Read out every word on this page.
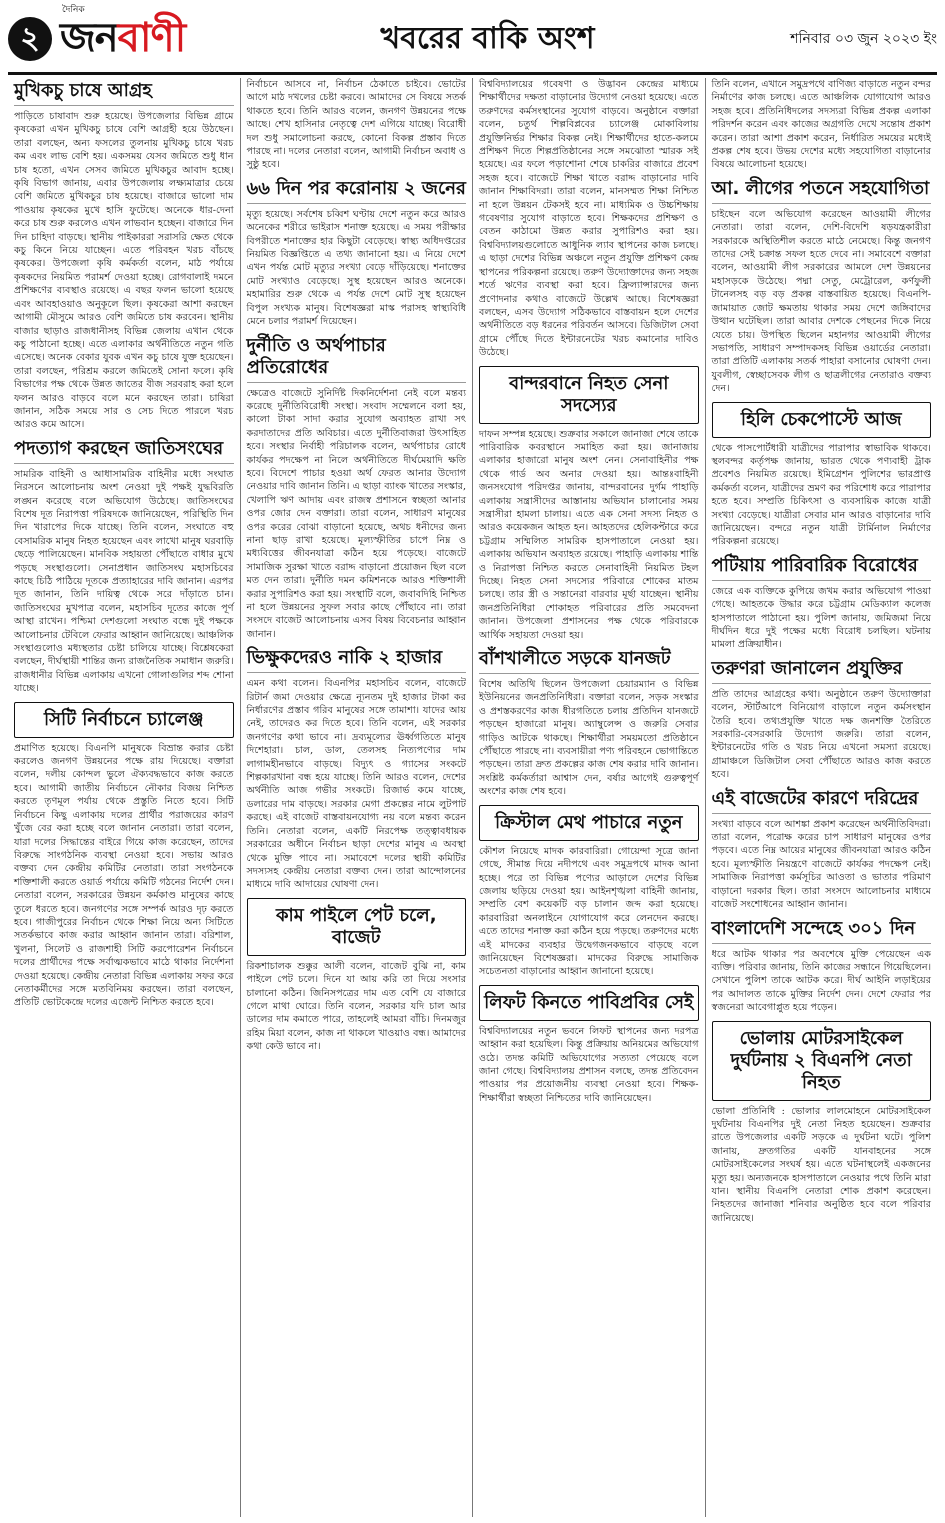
২
দৈনিক
জনবাণী	খবরের বাকি অংশ	শনিবার ০৩ জুন ২০২৩ ইং
মুখিকচু চাষে আগ্রহ

পাড়িতে চাষাবাদ শুরু হয়েছে। উপজেলার বিভিন্ন গ্রামে কৃষকেরা এখন মুখিকচু চাষে বেশি আগ্রহী হয়ে উঠছেন। তারা বলছেন, অন্য ফসলের তুলনায় মুখিকচু চাষে খরচ কম এবং লাভ বেশি হয়। একসময় যেসব জমিতে শুধু ধান চাষ হতো, এখন সেসব জমিতে মুখিকচুর আবাদ হচ্ছে। কৃষি বিভাগ জানায়, এবার উপজেলায় লক্ষ্যমাত্রার চেয়ে বেশি জমিতে মুখিকচুর চাষ হয়েছে। বাজারে ভালো দাম পাওয়ায় কৃষকের মুখে হাসি ফুটেছে। অনেকে ধার-দেনা করে চাষ শুরু করলেও এখন লাভবান হচ্ছেন। বাজারে দিন দিন চাহিদা বাড়ছে। স্থানীয় পাইকাররা সরাসরি ক্ষেত থেকে কচু কিনে নিয়ে যাচ্ছেন। এতে পরিবহন খরচ বাঁচছে কৃষকের। উপজেলা কৃষি কর্মকর্তা বলেন, মাঠ পর্যায়ে কৃষকদের নিয়মিত পরামর্শ দেওয়া হচ্ছে। রোগবালাই দমনে প্রশিক্ষণের ব্যবস্থাও রয়েছে। এ বছর ফলন ভালো হয়েছে এবং আবহাওয়াও অনুকূলে ছিল। কৃষকেরা আশা করছেন আগামী মৌসুমে আরও বেশি জমিতে চাষ করবেন। স্থানীয় বাজার ছাড়াও রাজধানীসহ বিভিন্ন জেলায় এখান থেকে কচু পাঠানো হচ্ছে। এতে এলাকার অর্থনীতিতে নতুন গতি এসেছে। অনেক বেকার যুবক এখন কচু চাষে যুক্ত হয়েছেন। তারা বলছেন, পরিশ্রম করলে জমিতেই সোনা ফলে। কৃষি বিভাগের পক্ষ থেকে উন্নত জাতের বীজ সরবরাহ করা হলে ফলন আরও বাড়বে বলে মনে করছেন তারা। চাষিরা জানান, সঠিক সময়ে সার ও সেচ দিতে পারলে খরচ আরও কমে আসে।

পদত্যাগ করছেন জাতিসংঘের

সামরিক বাহিনী ও আধাসামরিক বাহিনীর মধ্যে সংঘাত নিরসনে আলোচনায় অংশ নেওয়া দুই পক্ষই যুদ্ধবিরতি লঙ্ঘন করেছে বলে অভিযোগ উঠেছে। জাতিসংঘের বিশেষ দূত নিরাপত্তা পরিষদকে জানিয়েছেন, পরিস্থিতি দিন দিন খারাপের দিকে যাচ্ছে। তিনি বলেন, সংঘাতে বহু বেসামরিক মানুষ নিহত হয়েছেন এবং লাখো মানুষ ঘরবাড়ি ছেড়ে পালিয়েছেন। মানবিক সহায়তা পৌঁছাতে বাধার মুখে পড়ছে সংস্থাগুলো। সেনাপ্রধান জাতিসংঘ মহাসচিবের কাছে চিঠি পাঠিয়ে দূতকে প্রত্যাহারের দাবি জানান। এরপর দূত জানান, তিনি দায়িত্ব থেকে সরে দাঁড়াতে চান। জাতিসংঘের মুখপাত্র বলেন, মহাসচিব দূতের কাজে পূর্ণ আস্থা রাখেন। পশ্চিমা দেশগুলো সংঘাত বন্ধে দুই পক্ষকে আলোচনার টেবিলে ফেরার আহ্বান জানিয়েছে। আঞ্চলিক সংস্থাগুলোও মধ্যস্থতার চেষ্টা চালিয়ে যাচ্ছে। বিশ্লেষকেরা বলছেন, দীর্ঘস্থায়ী শান্তির জন্য রাজনৈতিক সমাধান জরুরি। রাজধানীর বিভিন্ন এলাকায় এখনো গোলাগুলির শব্দ শোনা যাচ্ছে।

সিটি নির্বাচনে চ্যালেঞ্জ

প্রমাণিত হয়েছে। বিএনপি মানুষকে বিভ্রান্ত করার চেষ্টা করলেও জনগণ উন্নয়নের পক্ষে রায় দিয়েছে। বক্তারা বলেন, দলীয় কোন্দল ভুলে ঐক্যবদ্ধভাবে কাজ করতে হবে। আগামী জাতীয় নির্বাচনে নৌকার বিজয় নিশ্চিত করতে তৃণমূল পর্যায় থেকে প্রস্তুতি নিতে হবে। সিটি নির্বাচনে কিছু এলাকায় দলের প্রার্থীর পরাজয়ের কারণ খুঁজে বের করা হচ্ছে বলে জানান নেতারা। তারা বলেন, যারা দলের সিদ্ধান্তের বাইরে গিয়ে কাজ করেছেন, তাদের বিরুদ্ধে সাংগঠনিক ব্যবস্থা নেওয়া হবে। সভায় আরও বক্তব্য দেন কেন্দ্রীয় কমিটির নেতারা। তারা সংগঠনকে শক্তিশালী করতে ওয়ার্ড পর্যায়ে কমিটি গঠনের নির্দেশ দেন। নেতারা বলেন, সরকারের উন্নয়ন কর্মকাণ্ড মানুষের কাছে তুলে ধরতে হবে। জনগণের সঙ্গে সম্পর্ক আরও দৃঢ় করতে হবে। গাজীপুরের নির্বাচন থেকে শিক্ষা নিয়ে অন্য সিটিতে সতর্কভাবে কাজ করার আহ্বান জানান তারা। বরিশাল, খুলনা, সিলেট ও রাজশাহী সিটি করপোরেশন নির্বাচনে দলের প্রার্থীদের পক্ষে সর্বাত্মকভাবে মাঠে থাকার নির্দেশনা দেওয়া হয়েছে। কেন্দ্রীয় নেতারা বিভিন্ন এলাকায় সফর করে নেতাকর্মীদের সঙ্গে মতবিনিময় করছেন। তারা বলছেন, প্রতিটি ভোটকেন্দ্রে দলের এজেন্ট নিশ্চিত করতে হবে।

নির্বাচনে আসবে না, নির্বাচন ঠেকাতে চাইবে। ভোটের আগে মাঠ দখলের চেষ্টা করবে। আমাদের সে বিষয়ে সতর্ক থাকতে হবে। তিনি আরও বলেন, জনগণ উন্নয়নের পক্ষে আছে। শেখ হাসিনার নেতৃত্বে দেশ এগিয়ে যাচ্ছে। বিরোধী দল শুধু সমালোচনা করছে, কোনো বিকল্প প্রস্তাব দিতে পারছে না। দলের নেতারা বলেন, আগামী নির্বাচন অবাধ ও সুষ্ঠু হবে।

৬৬ দিন পর করোনায় ২ জনের

মৃত্যু হয়েছে। সর্বশেষ চব্বিশ ঘণ্টায় দেশে নতুন করে আরও অনেকের শরীরে ভাইরাস শনাক্ত হয়েছে। এ সময় পরীক্ষার বিপরীতে শনাক্তের হার কিছুটা বেড়েছে। স্বাস্থ্য অধিদপ্তরের নিয়মিত বিজ্ঞপ্তিতে এ তথ্য জানানো হয়। এ নিয়ে দেশে এখন পর্যন্ত মোট মৃত্যুর সংখ্যা বেড়ে দাঁড়িয়েছে। শনাক্তের মোট সংখ্যাও বেড়েছে। সুস্থ হয়েছেন আরও অনেকে। মহামারির শুরু থেকে এ পর্যন্ত দেশে মোট সুস্থ হয়েছেন বিপুল সংখ্যক মানুষ। বিশেষজ্ঞরা মাস্ক পরাসহ স্বাস্থ্যবিধি মেনে চলার পরামর্শ দিয়েছেন।

দুর্নীতি ও অর্থপাচার প্রতিরোধের

ক্ষেত্রেও বাজেটে সুনির্দিষ্ট দিকনির্দেশনা নেই বলে মন্তব্য করেছে দুর্নীতিবিরোধী সংস্থা। সংবাদ সম্মেলনে বলা হয়, কালো টাকা সাদা করার সুযোগ অব্যাহত রাখা সৎ করদাতাদের প্রতি অবিচার। এতে দুর্নীতিবাজরা উৎসাহিত হবে। সংস্থার নির্বাহী পরিচালক বলেন, অর্থপাচার রোধে কার্যকর পদক্ষেপ না নিলে অর্থনীতিতে দীর্ঘমেয়াদি ক্ষতি হবে। বিদেশে পাচার হওয়া অর্থ ফেরত আনার উদ্যোগ নেওয়ার দাবি জানান তিনি। এ ছাড়া ব্যাংক খাতের সংস্কার, খেলাপি ঋণ আদায় এবং রাজস্ব প্রশাসনে স্বচ্ছতা আনার ওপর জোর দেন বক্তারা। তারা বলেন, সাধারণ মানুষের ওপর করের বোঝা বাড়ানো হয়েছে, অথচ ধনীদের জন্য নানা ছাড় রাখা হয়েছে। মূল্যস্ফীতির চাপে নিম্ন ও মধ্যবিত্তের জীবনযাত্রা কঠিন হয়ে পড়েছে। বাজেটে সামাজিক সুরক্ষা খাতে বরাদ্দ বাড়ানো প্রয়োজন ছিল বলে মত দেন তারা। দুর্নীতি দমন কমিশনকে আরও শক্তিশালী করার সুপারিশও করা হয়। সংস্থাটি বলে, জবাবদিহি নিশ্চিত না হলে উন্নয়নের সুফল সবার কাছে পৌঁছাবে না। তারা সংসদে বাজেট আলোচনায় এসব বিষয় বিবেচনার আহ্বান জানান।

ভিক্ষুকদেরও নাকি ২ হাজার

এমন কথা বলেন। বিএনপির মহাসচিব বলেন, বাজেটে রিটার্ন জমা দেওয়ার ক্ষেত্রে ন্যূনতম দুই হাজার টাকা কর নির্ধারণের প্রস্তাব গরিব মানুষের সঙ্গে তামাশা। যাদের আয় নেই, তাদেরও কর দিতে হবে। তিনি বলেন, এই সরকার জনগণের কথা ভাবে না। দ্রব্যমূল্যের ঊর্ধ্বগতিতে মানুষ দিশেহারা। চাল, ডাল, তেলসহ নিত্যপণ্যের দাম লাগামহীনভাবে বাড়ছে। বিদ্যুৎ ও গ্যাসের সংকটে শিল্পকারখানা বন্ধ হয়ে যাচ্ছে। তিনি আরও বলেন, দেশের অর্থনীতি আজ গভীর সংকটে। রিজার্ভ কমে যাচ্ছে, ডলারের দাম বাড়ছে। সরকার মেগা প্রকল্পের নামে লুটপাট করছে। এই বাজেট বাস্তবায়নযোগ্য নয় বলে মন্তব্য করেন তিনি। নেতারা বলেন, একটি নিরপেক্ষ তত্ত্বাবধায়ক সরকারের অধীনে নির্বাচন ছাড়া দেশের মানুষ এ অবস্থা থেকে মুক্তি পাবে না। সমাবেশে দলের স্থায়ী কমিটির সদস্যসহ কেন্দ্রীয় নেতারা বক্তব্য দেন। তারা আন্দোলনের মাধ্যমে দাবি আদায়ের ঘোষণা দেন।

কাম পাইলে পেট চলে, বাজেট

রিকশাচালক শুক্কুর আলী বলেন, বাজেট বুঝি না, কাম পাইলে পেট চলে। দিনে যা আয় করি তা দিয়ে সংসার চালানো কঠিন। জিনিসপত্রের দাম এত বেশি যে বাজারে গেলে মাথা ঘোরে। তিনি বলেন, সরকার যদি চাল আর ডালের দাম কমাতে পারে, তাহলেই আমরা বাঁচি। দিনমজুর রহিম মিয়া বলেন, কাজ না থাকলে খাওয়াও বন্ধ। আমাদের কথা কেউ ভাবে না।

বিশ্ববিদ্যালয়ের গবেষণা ও উদ্ভাবন কেন্দ্রের মাধ্যমে শিক্ষার্থীদের দক্ষতা বাড়ানোর উদ্যোগ নেওয়া হয়েছে। এতে তরুণদের কর্মসংস্থানের সুযোগ বাড়বে। অনুষ্ঠানে বক্তারা বলেন, চতুর্থ শিল্পবিপ্লবের চ্যালেঞ্জ মোকাবিলায় প্রযুক্তিনির্ভর শিক্ষার বিকল্প নেই। শিক্ষার্থীদের হাতে-কলমে প্রশিক্ষণ দিতে শিল্পপ্রতিষ্ঠানের সঙ্গে সমঝোতা স্মারক সই হয়েছে। এর ফলে পড়াশোনা শেষে চাকরির বাজারে প্রবেশ সহজ হবে। বাজেটে শিক্ষা খাতে বরাদ্দ বাড়ানোর দাবি জানান শিক্ষাবিদরা। তারা বলেন, মানসম্মত শিক্ষা নিশ্চিত না হলে উন্নয়ন টেকসই হবে না। মাধ্যমিক ও উচ্চশিক্ষায় গবেষণার সুযোগ বাড়াতে হবে। শিক্ষকদের প্রশিক্ষণ ও বেতন কাঠামো উন্নত করার সুপারিশও করা হয়। বিশ্ববিদ্যালয়গুলোতে আধুনিক ল্যাব স্থাপনের কাজ চলছে। এ ছাড়া দেশের বিভিন্ন অঞ্চলে নতুন প্রযুক্তি প্রশিক্ষণ কেন্দ্র স্থাপনের পরিকল্পনা রয়েছে। তরুণ উদ্যোক্তাদের জন্য সহজ শর্তে ঋণের ব্যবস্থা করা হবে। ফ্রিল্যান্সারদের জন্য প্রণোদনার কথাও বাজেটে উল্লেখ আছে। বিশেষজ্ঞরা বলছেন, এসব উদ্যোগ সঠিকভাবে বাস্তবায়ন হলে দেশের অর্থনীতিতে বড় ধরনের পরিবর্তন আসবে। ডিজিটাল সেবা গ্রামে পৌঁছে দিতে ইন্টারনেটের খরচ কমানোর দাবিও উঠেছে।

বান্দরবানে নিহত সেনা সদস্যের

দাফন সম্পন্ন হয়েছে। শুক্রবার সকালে জানাজা শেষে তাকে পারিবারিক কবরস্থানে সমাহিত করা হয়। জানাজায় এলাকার হাজারো মানুষ অংশ নেন। সেনাবাহিনীর পক্ষ থেকে গার্ড অব অনার দেওয়া হয়। আন্তঃবাহিনী জনসংযোগ পরিদপ্তর জানায়, বান্দরবানের দুর্গম পাহাড়ি এলাকায় সন্ত্রাসীদের আস্তানায় অভিযান চালানোর সময় সন্ত্রাসীরা হামলা চালায়। এতে এক সেনা সদস্য নিহত ও আরও কয়েকজন আহত হন। আহতদের হেলিকপ্টারে করে চট্টগ্রাম সম্মিলিত সামরিক হাসপাতালে নেওয়া হয়। এলাকায় অভিযান অব্যাহত রয়েছে। পাহাড়ি এলাকায় শান্তি ও নিরাপত্তা নিশ্চিত করতে সেনাবাহিনী নিয়মিত টহল দিচ্ছে। নিহত সেনা সদস্যের পরিবারে শোকের মাতম চলছে। তার স্ত্রী ও সন্তানেরা বারবার মূর্ছা যাচ্ছেন। স্থানীয় জনপ্রতিনিধিরা শোকাহত পরিবারের প্রতি সমবেদনা জানান। উপজেলা প্রশাসনের পক্ষ থেকে পরিবারকে আর্থিক সহায়তা দেওয়া হয়।

বাঁশখালীতে সড়কে যানজট

বিশেষ অতিথি ছিলেন উপজেলা চেয়ারম্যান ও বিভিন্ন ইউনিয়নের জনপ্রতিনিধিরা। বক্তারা বলেন, সড়ক সংস্কার ও প্রশস্তকরণের কাজ ধীরগতিতে চলায় প্রতিদিন যানজটে পড়ছেন হাজারো মানুষ। অ্যাম্বুলেন্স ও জরুরি সেবার গাড়িও আটকে থাকছে। শিক্ষার্থীরা সময়মতো প্রতিষ্ঠানে পৌঁছাতে পারছে না। ব্যবসায়ীরা পণ্য পরিবহনে ভোগান্তিতে পড়ছেন। তারা দ্রুত প্রকল্পের কাজ শেষ করার দাবি জানান। সংশ্লিষ্ট কর্মকর্তারা আশ্বাস দেন, বর্ষার আগেই গুরুত্বপূর্ণ অংশের কাজ শেষ হবে।

ক্রিস্টাল মেথ পাচারে নতুন

কৌশল নিয়েছে মাদক কারবারিরা। গোয়েন্দা সূত্রে জানা গেছে, সীমান্ত দিয়ে নদীপথে এবং সমুদ্রপথে মাদক আনা হচ্ছে। পরে তা বিভিন্ন পণ্যের আড়ালে দেশের বিভিন্ন জেলায় ছড়িয়ে দেওয়া হয়। আইনশৃঙ্খলা বাহিনী জানায়, সম্প্রতি বেশ কয়েকটি বড় চালান জব্দ করা হয়েছে। কারবারিরা অনলাইনে যোগাযোগ করে লেনদেন করছে। এতে তাদের শনাক্ত করা কঠিন হয়ে পড়ছে। তরুণদের মধ্যে এই মাদকের ব্যবহার উদ্বেগজনকভাবে বাড়ছে বলে জানিয়েছেন বিশেষজ্ঞরা। মাদকের বিরুদ্ধে সামাজিক সচেতনতা বাড়ানোর আহ্বান জানানো হয়েছে।

লিফট কিনতে পাবিপ্রবির সেই

বিশ্ববিদ্যালয়ের নতুন ভবনে লিফট স্থাপনের জন্য দরপত্র আহ্বান করা হয়েছিল। কিন্তু প্রক্রিয়ায় অনিয়মের অভিযোগ ওঠে। তদন্ত কমিটি অভিযোগের সত্যতা পেয়েছে বলে জানা গেছে। বিশ্ববিদ্যালয় প্রশাসন বলছে, তদন্ত প্রতিবেদন পাওয়ার পর প্রয়োজনীয় ব্যবস্থা নেওয়া হবে। শিক্ষক-শিক্ষার্থীরা স্বচ্ছতা নিশ্চিতের দাবি জানিয়েছেন।

তিনি বলেন, এখানে সমুদ্রপথে বাণিজ্য বাড়াতে নতুন বন্দর নির্মাণের কাজ চলছে। এতে আঞ্চলিক যোগাযোগ আরও সহজ হবে। প্রতিনিধিদলের সদস্যরা বিভিন্ন প্রকল্প এলাকা পরিদর্শন করেন এবং কাজের অগ্রগতি দেখে সন্তোষ প্রকাশ করেন। তারা আশা প্রকাশ করেন, নির্ধারিত সময়ের মধ্যেই প্রকল্প শেষ হবে। উভয় দেশের মধ্যে সহযোগিতা বাড়ানোর বিষয়ে আলোচনা হয়েছে।

আ. লীগের পতনে সহযোগিতা

চাইছেন বলে অভিযোগ করেছেন আওয়ামী লীগের নেতারা। তারা বলেন, দেশি-বিদেশি ষড়যন্ত্রকারীরা সরকারকে অস্থিতিশীল করতে মাঠে নেমেছে। কিন্তু জনগণ তাদের সেই চক্রান্ত সফল হতে দেবে না। সমাবেশে বক্তারা বলেন, আওয়ামী লীগ সরকারের আমলে দেশ উন্নয়নের মহাসড়কে উঠেছে। পদ্মা সেতু, মেট্রোরেল, কর্ণফুলী টানেলসহ বড় বড় প্রকল্প বাস্তবায়িত হয়েছে। বিএনপি-জামায়াত জোট ক্ষমতায় থাকার সময় দেশে জঙ্গিবাদের উত্থান ঘটেছিল। তারা আবার দেশকে পেছনের দিকে নিয়ে যেতে চায়। উপস্থিত ছিলেন মহানগর আওয়ামী লীগের সভাপতি, সাধারণ সম্পাদকসহ বিভিন্ন ওয়ার্ডের নেতারা। তারা প্রতিটি এলাকায় সতর্ক পাহারা বসানোর ঘোষণা দেন। যুবলীগ, স্বেচ্ছাসেবক লীগ ও ছাত্রলীগের নেতারাও বক্তব্য দেন।

হিলি চেকপোস্টে আজ

থেকে পাসপোর্টধারী যাত্রীদের পারাপার স্বাভাবিক থাকবে। স্থলবন্দর কর্তৃপক্ষ জানায়, ভারত থেকে পণ্যবাহী ট্রাক প্রবেশও নিয়মিত রয়েছে। ইমিগ্রেশন পুলিশের ভারপ্রাপ্ত কর্মকর্তা বলেন, যাত্রীদের ভ্রমণ কর পরিশোধ করে পারাপার হতে হবে। সম্প্রতি চিকিৎসা ও ব্যবসায়িক কাজে যাত্রী সংখ্যা বেড়েছে। যাত্রীরা সেবার মান আরও বাড়ানোর দাবি জানিয়েছেন। বন্দরে নতুন যাত্রী টার্মিনাল নির্মাণের পরিকল্পনা রয়েছে।

পটিয়ায় পারিবারিক বিরোধের

জেরে এক ব্যক্তিকে কুপিয়ে জখম করার অভিযোগ পাওয়া গেছে। আহতকে উদ্ধার করে চট্টগ্রাম মেডিক্যাল কলেজ হাসপাতালে পাঠানো হয়। পুলিশ জানায়, জমিজমা নিয়ে দীর্ঘদিন ধরে দুই পক্ষের মধ্যে বিরোধ চলছিল। ঘটনায় মামলা প্রক্রিয়াধীন।

তরুণরা জানালেন প্রযুক্তির

প্রতি তাদের আগ্রহের কথা। অনুষ্ঠানে তরুণ উদ্যোক্তারা বলেন, স্টার্টআপে বিনিয়োগ বাড়ালে নতুন কর্মসংস্থান তৈরি হবে। তথ্যপ্রযুক্তি খাতে দক্ষ জনশক্তি তৈরিতে সরকারি-বেসরকারি উদ্যোগ জরুরি। তারা বলেন, ইন্টারনেটের গতি ও খরচ নিয়ে এখনো সমস্যা রয়েছে। গ্রামাঞ্চলে ডিজিটাল সেবা পৌঁছাতে আরও কাজ করতে হবে।

এই বাজেটের কারণে দরিদ্রের

সংখ্যা বাড়বে বলে আশঙ্কা প্রকাশ করেছেন অর্থনীতিবিদরা। তারা বলেন, পরোক্ষ করের চাপ সাধারণ মানুষের ওপর পড়বে। এতে নিম্ন আয়ের মানুষের জীবনযাত্রা আরও কঠিন হবে। মূল্যস্ফীতি নিয়ন্ত্রণে বাজেটে কার্যকর পদক্ষেপ নেই। সামাজিক নিরাপত্তা কর্মসূচির আওতা ও ভাতার পরিমাণ বাড়ানো দরকার ছিল। তারা সংসদে আলোচনার মাধ্যমে বাজেট সংশোধনের আহ্বান জানান।

বাংলাদেশি সন্দেহে ৩০১ দিন

ধরে আটক থাকার পর অবশেষে মুক্তি পেয়েছেন এক ব্যক্তি। পরিবার জানায়, তিনি কাজের সন্ধানে গিয়েছিলেন। সেখানে পুলিশ তাকে আটক করে। দীর্ঘ আইনি লড়াইয়ের পর আদালত তাকে মুক্তির নির্দেশ দেন। দেশে ফেরার পর স্বজনেরা আবেগাপ্লুত হয়ে পড়েন।

ভোলায় মোটরসাইকেল দুর্ঘটনায় ২ বিএনপি নেতা নিহত

ভোলা প্রতিনিধি : ভোলার লালমোহনে মোটরসাইকেল দুর্ঘটনায় বিএনপির দুই নেতা নিহত হয়েছেন। শুক্রবার রাতে উপজেলার একটি সড়কে এ দুর্ঘটনা ঘটে। পুলিশ জানায়, দ্রুতগতির একটি যানবাহনের সঙ্গে মোটরসাইকেলের সংঘর্ষ হয়। এতে ঘটনাস্থলেই একজনের মৃত্যু হয়। অন্যজনকে হাসপাতালে নেওয়ার পথে তিনি মারা যান। স্থানীয় বিএনপি নেতারা শোক প্রকাশ করেছেন। নিহতদের জানাজা শনিবার অনুষ্ঠিত হবে বলে পরিবার জানিয়েছে।
